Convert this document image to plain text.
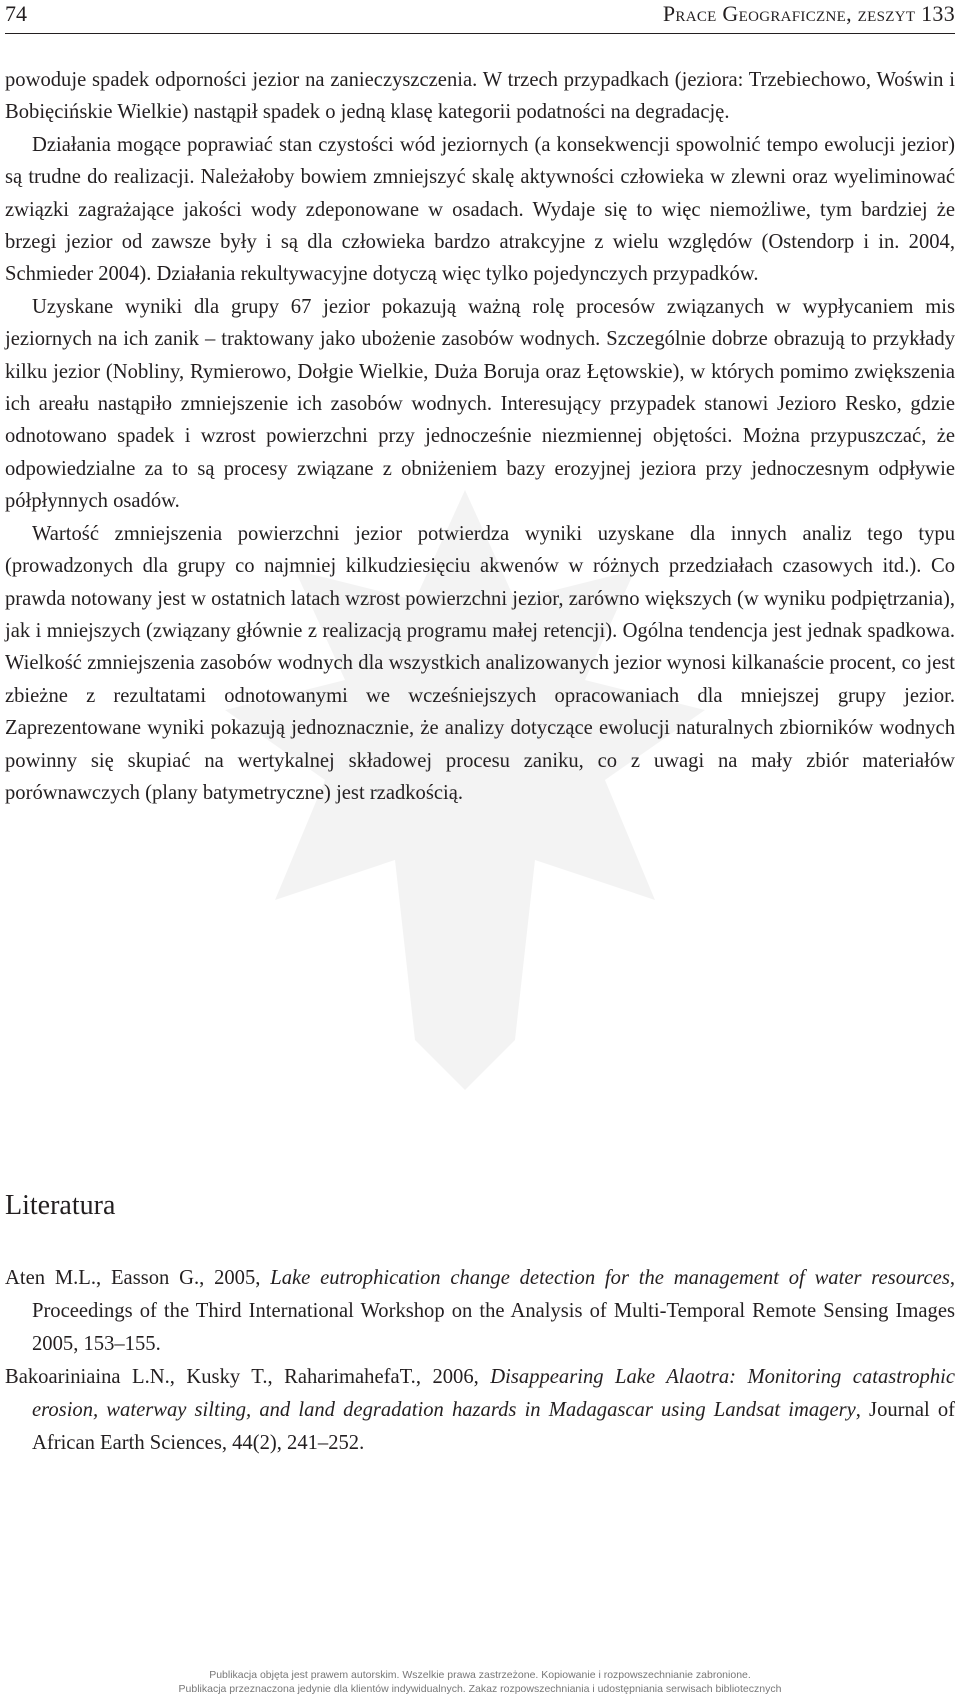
74	Prace Geograficzne, zeszyt 133

powoduje spadek odporności jezior na zanieczyszczenia. W trzech przypadkach (jeziora: Trzebiechowo, Woświn i Bobięcińskie Wielkie) nastąpił spadek o jedną klasę kategorii podatności na degradację.

Działania mogące poprawiać stan czystości wód jeziornych (a konsekwencji spowolnić tempo ewolucji jezior) są trudne do realizacji. Należałoby bowiem zmniejszyć skalę aktywności człowieka w zlewni oraz wyeliminować związki zagrażające jakości wody zdeponowane w osadach. Wydaje się to więc niemożliwe, tym bardziej że brzegi jezior od zawsze były i są dla człowieka bardzo atrakcyjne z wielu względów (Ostendorp i in. 2004, Schmieder 2004). Działania rekultywacyjne dotyczą więc tylko pojedynczych przypadków.

Uzyskane wyniki dla grupy 67 jezior pokazują ważną rolę procesów związanych w wypłycaniem mis jeziornych na ich zanik – traktowany jako ubożenie zasobów wodnych. Szczególnie dobrze obrazują to przykłady kilku jezior (Nobliny, Rymierowo, Dołgie Wielkie, Duża Boruja oraz Łętowskie), w których pomimo zwiększenia ich areału nastąpiło zmniejszenie ich zasobów wodnych. Interesujący przypadek stanowi Jezioro Resko, gdzie odnotowano spadek i wzrost powierzchni przy jednocześnie niezmiennej objętości. Można przypuszczać, że odpowiedzialne za to są procesy związane z obniżeniem bazy erozyjnej jeziora przy jednoczesnym odpływie półpłynnych osadów.

Wartość zmniejszenia powierzchni jezior potwierdza wyniki uzyskane dla innych analiz tego typu (prowadzonych dla grupy co najmniej kilkudziesięciu akwenów w różnych przedziałach czasowych itd.). Co prawda notowany jest w ostatnich latach wzrost powierzchni jezior, zarówno większych (w wyniku podpiętrzania), jak i mniejszych (związany głównie z realizacją programu małej retencji). Ogólna tendencja jest jednak spadkowa. Wielkość zmniejszenia zasobów wodnych dla wszystkich analizowanych jezior wynosi kilkanaście procent, co jest zbieżne z rezultatami odnotowanymi we wcześniejszych opracowaniach dla mniejszej grupy jezior. Zaprezentowane wyniki pokazują jednoznacznie, że analizy dotyczące ewolucji naturalnych zbiorników wodnych powinny się skupiać na wertykalnej składowej procesu zaniku, co z uwagi na mały zbiór materiałów porównawczych (plany batymetryczne) jest rzadkością.

Literatura

Aten M.L., Easson G., 2005, Lake eutrophication change detection for the management of water resources, Proceedings of the Third International Workshop on the Analysis of Multi-Temporal Remote Sensing Images 2005, 153–155.

Bakoariniaina L.N., Kusky T., RaharimahefaT., 2006, Disappearing Lake Alaotra: Monitoring catastrophic erosion, waterway silting, and land degradation hazards in Madagascar using Landsat imagery, Journal of African Earth Sciences, 44(2), 241–252.

Publikacja objęta jest prawem autorskim. Wszelkie prawa zastrzeżone. Kopiowanie i rozpowszechnianie zabronione.
Publikacja przeznaczona jedynie dla klientów indywidualnych. Zakaz rozpowszechniania i udostępniania serwisach bibliotecznych
